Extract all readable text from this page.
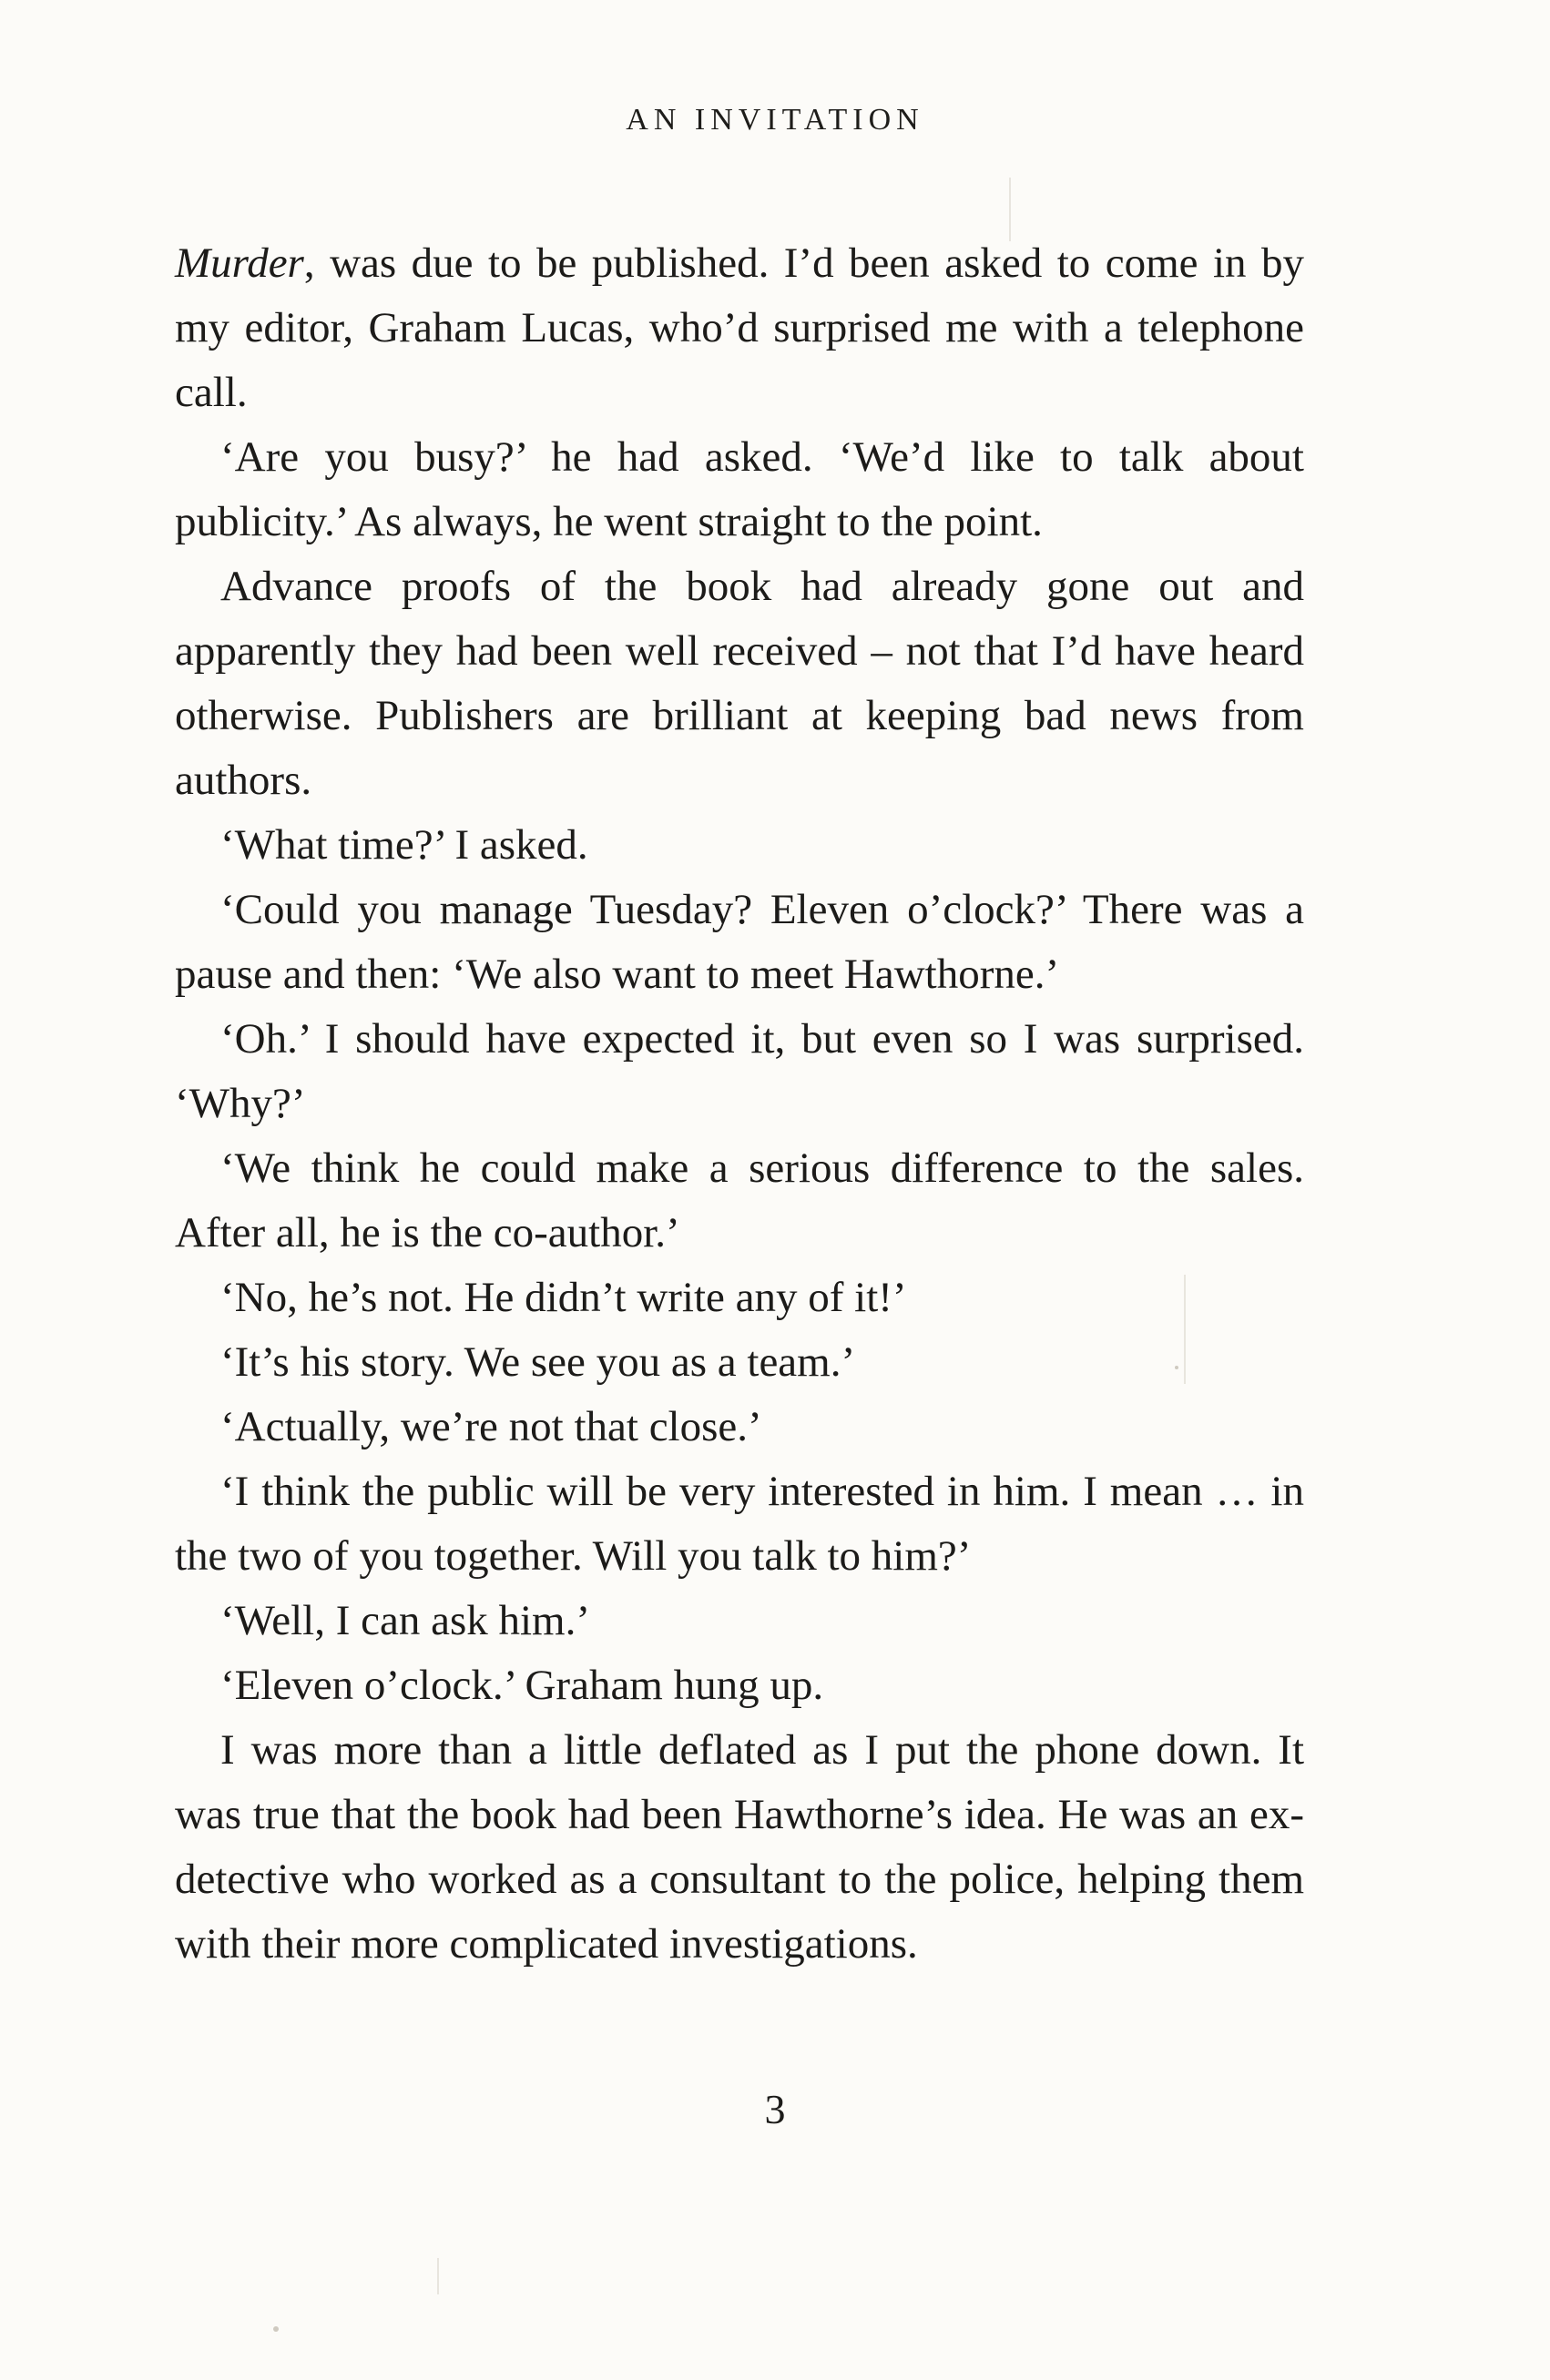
AN INVITATION

Murder, was due to be published. I’d been asked to come in by my editor, Graham Lucas, who’d surprised me with a telephone call.

‘Are you busy?’ he had asked. ‘We’d like to talk about publicity.’ As always, he went straight to the point.

Advance proofs of the book had already gone out and apparently they had been well received – not that I’d have heard otherwise. Publishers are brilliant at keeping bad news from authors.

‘What time?’ I asked.

‘Could you manage Tuesday? Eleven o’clock?’ There was a pause and then: ‘We also want to meet Hawthorne.’

‘Oh.’ I should have expected it, but even so I was surprised. ‘Why?’

‘We think he could make a serious difference to the sales. After all, he is the co-author.’

‘No, he’s not. He didn’t write any of it!’

‘It’s his story. We see you as a team.’

‘Actually, we’re not that close.’

‘I think the public will be very interested in him. I mean … in the two of you together. Will you talk to him?’

‘Well, I can ask him.’

‘Eleven o’clock.’ Graham hung up.

I was more than a little deflated as I put the phone down. It was true that the book had been Hawthorne’s idea. He was an ex-detective who worked as a consultant to the police, helping them with their more complicated investigations.

3
